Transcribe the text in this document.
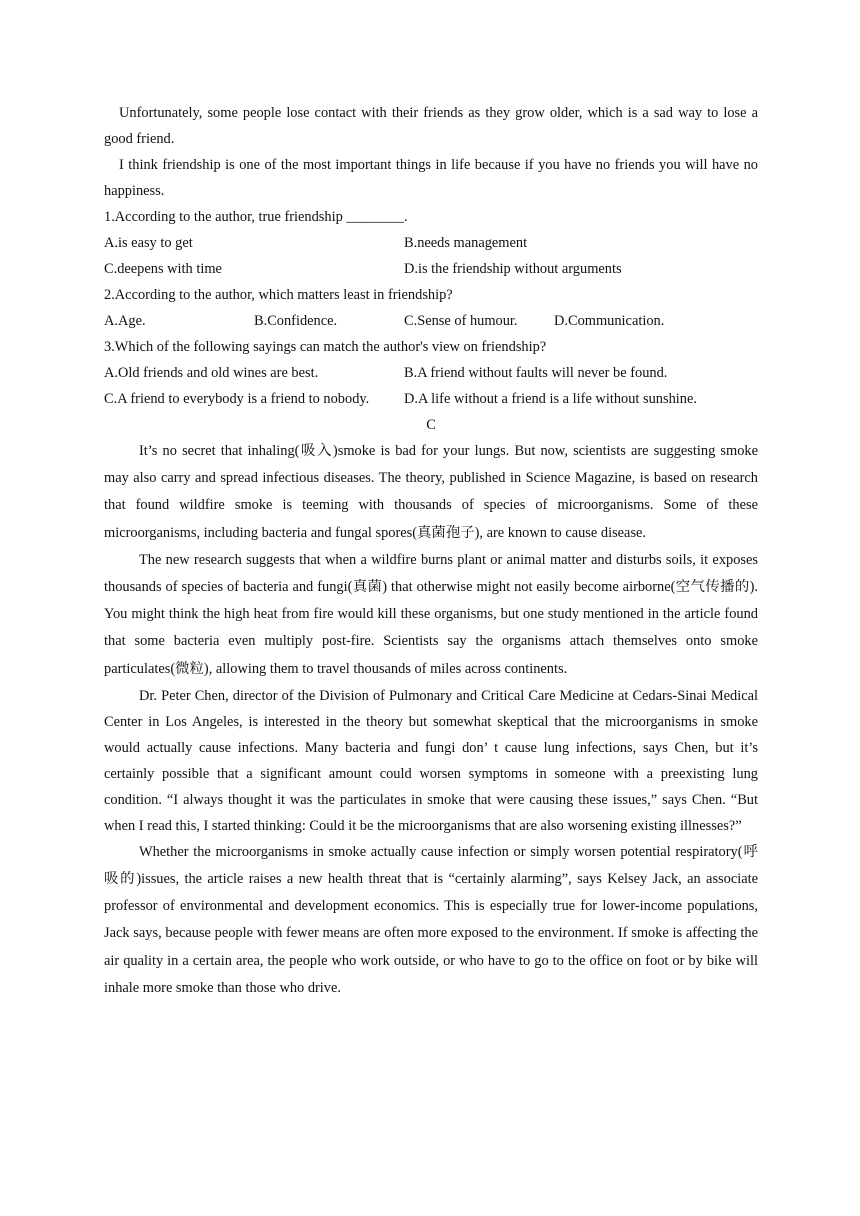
Unfortunately, some people lose contact with their friends as they grow older, which is a sad way to lose a good friend.

I think friendship is one of the most important things in life because if you have no friends you will have no happiness.

1.According to the author, true friendship ________.

A.is easy to get	B.needs management
C.deepens with time	D.is the friendship without arguments

2.According to the author, which matters least in friendship?

A.Age.	B.Confidence.	C.Sense of humour.	D.Communication.

3.Which of the following sayings can match the author's view on friendship?

A.Old friends and old wines are best.	B.A friend without faults will never be found.
C.A friend to everybody is a friend to nobody.	D.A life without a friend is a life without sunshine.

C

It’s no secret that inhaling(吸入)smoke is bad for your lungs. But now, scientists are suggesting smoke may also carry and spread infectious diseases. The theory, published in Science Magazine, is based on research that found wildfire smoke is teeming with thousands of species of microorganisms. Some of these microorganisms, including bacteria and fungal spores(真菌孢子), are known to cause disease.

The new research suggests that when a wildfire burns plant or animal matter and disturbs soils, it exposes thousands of species of bacteria and fungi(真菌) that otherwise might not easily become airborne(空气传播的). You might think the high heat from fire would kill these organisms, but one study mentioned in the article found that some bacteria even multiply post-fire. Scientists say the organisms attach themselves onto smoke particulates(微粒), allowing them to travel thousands of miles across continents.

Dr. Peter Chen, director of the Division of Pulmonary and Critical Care Medicine at Cedars-Sinai Medical Center in Los Angeles, is interested in the theory but somewhat skeptical that the microorganisms in smoke would actually cause infections. Many bacteria and fungi don’ t cause lung infections, says Chen, but it’s certainly possible that a significant amount could worsen symptoms in someone with a preexisting lung condition. “I always thought it was the particulates in smoke that were causing these issues,” says Chen. “But when I read this, I started thinking: Could it be the microorganisms that are also worsening existing illnesses?”

Whether the microorganisms in smoke actually cause infection or simply worsen potential respiratory(呼吸的)issues, the article raises a new health threat that is “certainly alarming”, says Kelsey Jack, an associate professor of environmental and development economics. This is especially true for lower-income populations, Jack says, because people with fewer means are often more exposed to the environment. If smoke is affecting the air quality in a certain area, the people who work outside, or who have to go to the office on foot or by bike will inhale more smoke than those who drive.
